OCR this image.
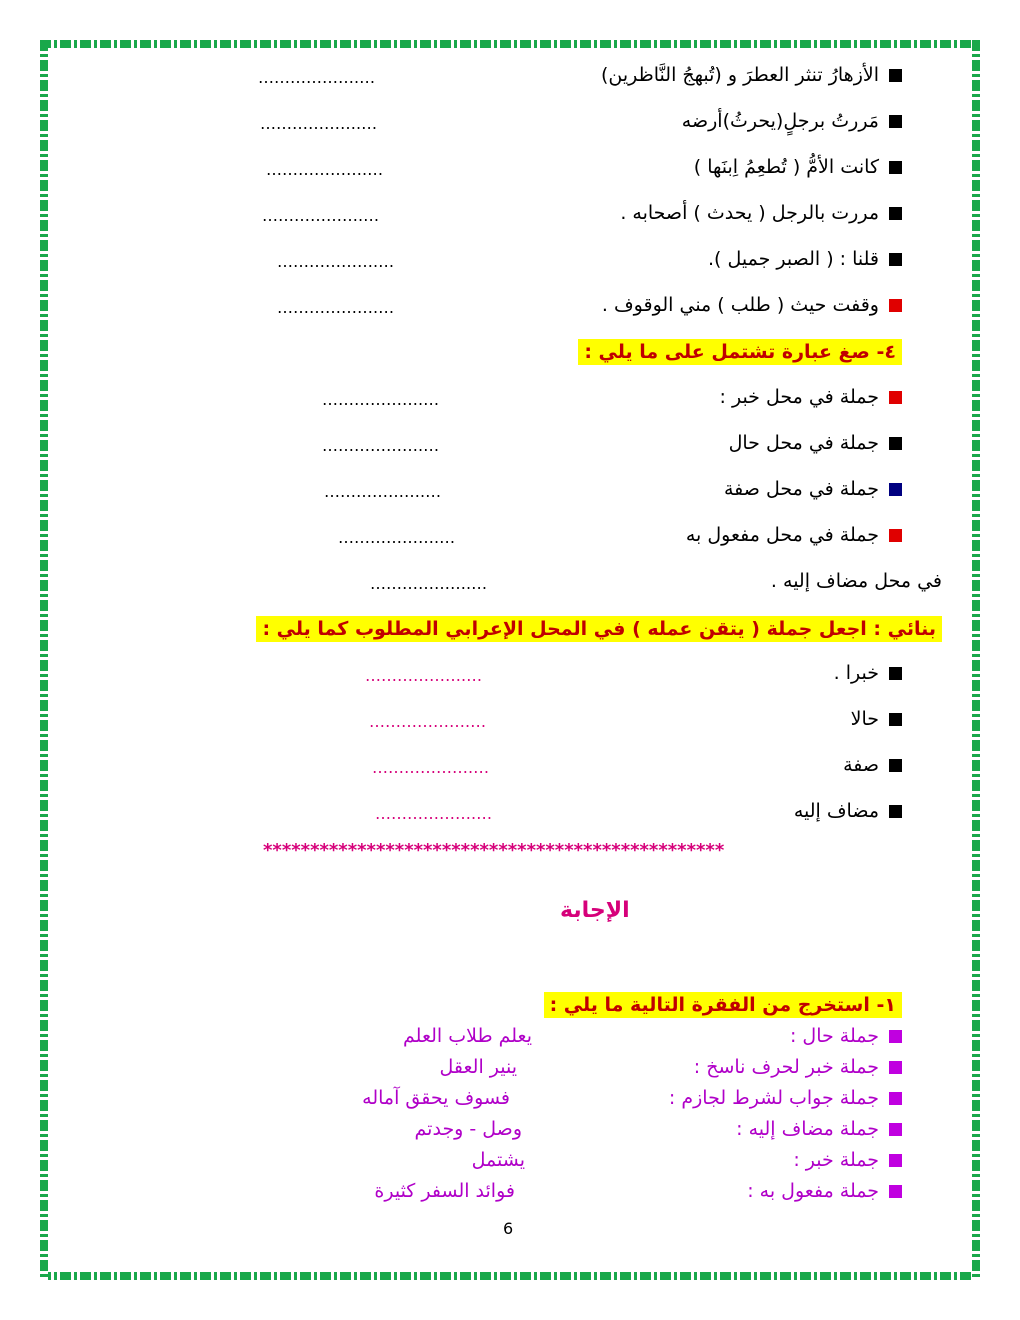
الأزهارُ تنثر العطرَ و (تُبهجُ النَّاظرين)
……………….…
مَررتُ برجلٍ(يحرثُ)أرضه
……………….…
كانت الأمُّ ( تُطعِمُ اِبنَها )
……………….…
مررت بالرجل ( يحدث ) أصحابه .
……………….…
قلنا : ( الصبر جميل ).
……………….…
وقفت حيث ( طلب ) مني الوقوف .
……………….…
٤- صغ عبارة تشتمل على ما يلي :
جملة في محل خبر :
……………….…
جملة في محل حال
……………….…
جملة في محل صفة
……………….…
جملة في محل مفعول به
……………….…
في محل مضاف إليه .
……………….…
بنائي : اجعل جملة ( يتقن عمله ) في المحل الإعرابي المطلوب كما يلي :
خبرا .
……………….…
حالا
……………….…
صفة
……………….…
مضاف إليه
……………….…
*************************************************
الإجابة
١- استخرج من الفقرة التالية ما يلي :
جملة حال :
يعلم طلاب العلم
جملة خبر لحرف ناسخ :
ينير العقل
جملة جواب لشرط لجازم :
فسوف يحقق آماله
جملة مضاف إليه :
وصل - وجدتم
جملة خبر :
يشتمل
جملة مفعول به :
فوائد السفر كثيرة
6
